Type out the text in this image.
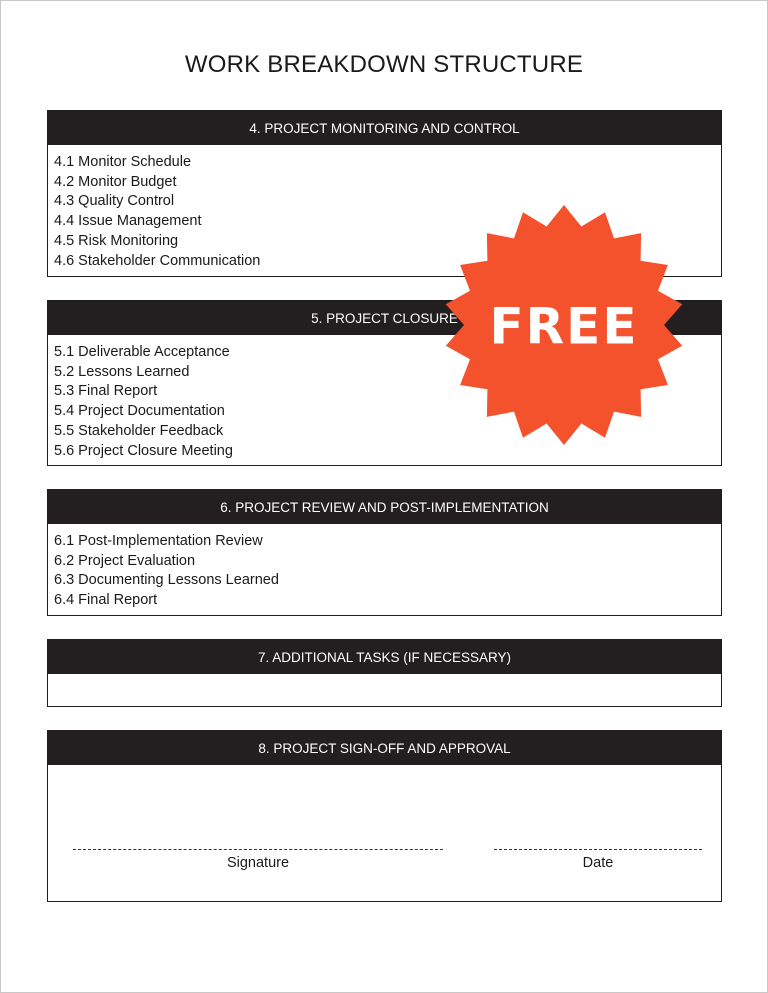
WORK BREAKDOWN STRUCTURE
4. PROJECT MONITORING AND CONTROL
4.1 Monitor Schedule
4.2 Monitor Budget
4.3 Quality Control
4.4 Issue Management
4.5 Risk Monitoring
4.6 Stakeholder Communication
5. PROJECT CLOSURE
5.1 Deliverable Acceptance
5.2 Lessons Learned
5.3 Final Report
5.4 Project Documentation
5.5 Stakeholder Feedback
5.6 Project Closure Meeting
6. PROJECT REVIEW AND POST-IMPLEMENTATION
6.1 Post-Implementation Review
6.2 Project Evaluation
6.3 Documenting Lessons Learned
6.4 Final Report
7. ADDITIONAL TASKS (IF NECESSARY)
8. PROJECT SIGN-OFF AND APPROVAL
Signature	Date
FREE
